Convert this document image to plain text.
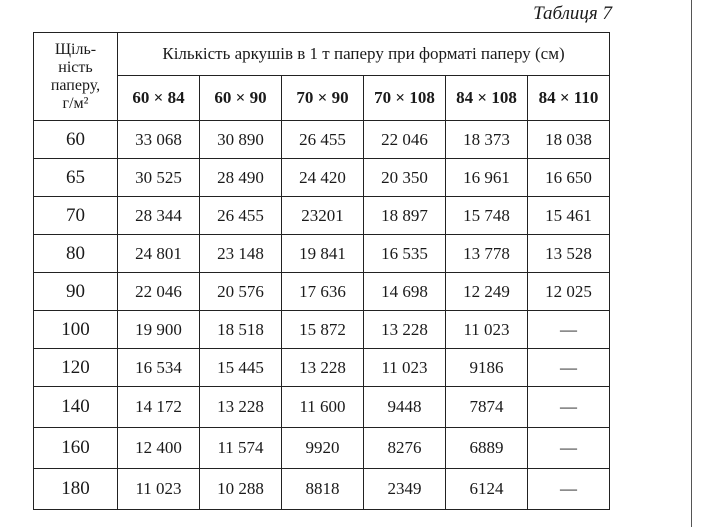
Таблиця 7
Щіль-
ність
паперу,
г/м²	Кількість аркушів в 1 т паперу при форматі паперу (см)					
	60 × 84	60 × 90	70 × 90	70 × 108	84 × 108	84 × 110
60	33 068	30 890	26 455	22 046	18 373	18 038
65	30 525	28 490	24 420	20 350	16 961	16 650
70	28 344	26 455	23201	18 897	15 748	15 461
80	24 801	23 148	19 841	16 535	13 778	13 528
90	22 046	20 576	17 636	14 698	12 249	12 025
100	19 900	18 518	15 872	13 228	11 023	—
120	16 534	15 445	13 228	11 023	9186	—
140	14 172	13 228	11 600	9448	7874	—
160	12 400	11 574	9920	8276	6889	—
180	11 023	10 288	8818	2349	6124	—
